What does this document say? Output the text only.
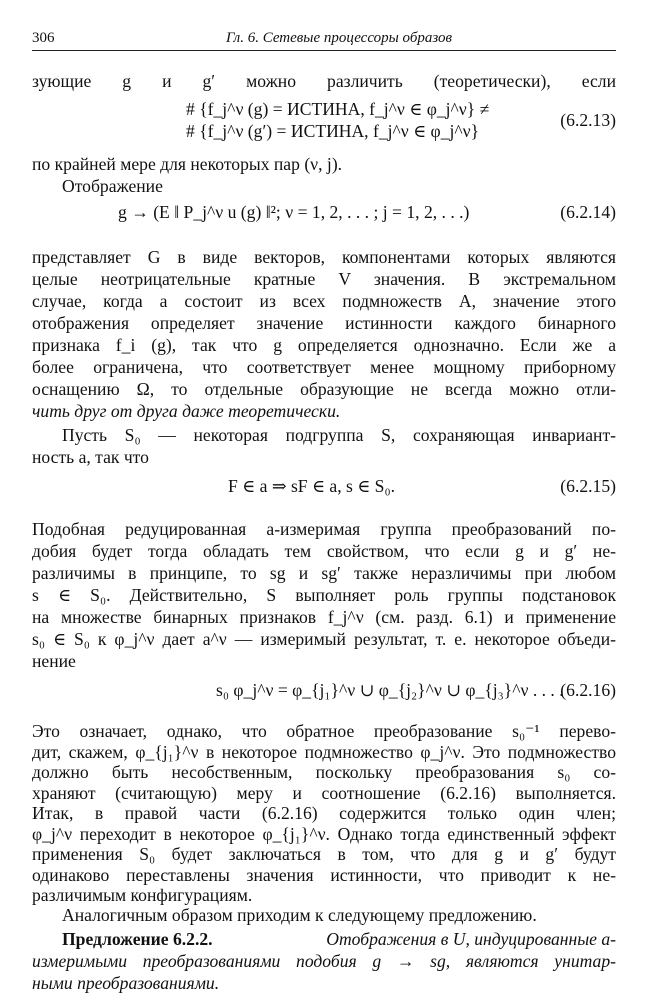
306	Гл. 6. Сетевые процессоры образов
зующие g и g′ можно различить (теоретически), если
# {f_j^ν (g) = ИСТИНА, f_j^ν ∈ φ_j^ν} ≠
# {f_j^ν (g′) = ИСТИНА, f_j^ν ∈ φ_j^ν}
(6.2.13)
по крайней мере для некоторых пар (ν, j).
Отображение
g → (E ‖ P_j^ν u (g) ‖²; ν = 1, 2, . . . ; j = 1, 2, . . .)	(6.2.14)
представляет G в виде векторов, компонентами которых являются
целые неотрицательные кратные V значения. В экстремальном
случае, когда a состоит из всех подмножеств A, значение этого
отображения определяет значение истинности каждого бинарного
признака f_i (g), так что g определяется однозначно. Если же a
более ограничена, что соответствует менее мощному приборному
оснащению Ω, то отдельные образующие не всегда можно отли-
чить друг от друга даже теоретически.
Пусть S₀ — некоторая подгруппа S, сохраняющая инвариант-
ность a, так что
F ∈ a ⇒ sF ∈ a, s ∈ S₀.	(6.2.15)
Подобная редуцированная a-измеримая группа преобразований по-
добия будет тогда обладать тем свойством, что если g и g′ не-
различимы в принципе, то sg и sg′ также неразличимы при любом
s ∈ S₀. Действительно, S выполняет роль группы подстановок
на множестве бинарных признаков f_j^ν (см. разд. 6.1) и применение
s₀ ∈ S₀ к φ_j^ν дает a^ν — измеримый результат, т. е. некоторое объеди-
нение
s₀ φ_j^ν = φ_{j₁}^ν ∪ φ_{j₂}^ν ∪ φ_{j₃}^ν . . . .
(6.2.16)
Это означает, однако, что обратное преобразование s₀⁻¹ перево-
дит, скажем, φ_{j₁}^ν в некоторое подмножество φ_j^ν. Это подмножество
должно быть несобственным, поскольку преобразования s₀ со-
храняют (считающую) меру и соотношение (6.2.16) выполняется.
Итак, в правой части (6.2.16) содержится только один член;
φ_j^ν переходит в некоторое φ_{j₁}^ν. Однако тогда единственный эффект
применения S₀ будет заключаться в том, что для g и g′ будут
одинаково переставлены значения истинности, что приводит к не-
различимым конфигурациям.
Аналогичным образом приходим к следующему предложению.
Предложение 6.2.2.	Отображения в U, индуцированные a-
измеримыми преобразованиями подобия g → sg, являются унитар-
ными преобразованиями.
